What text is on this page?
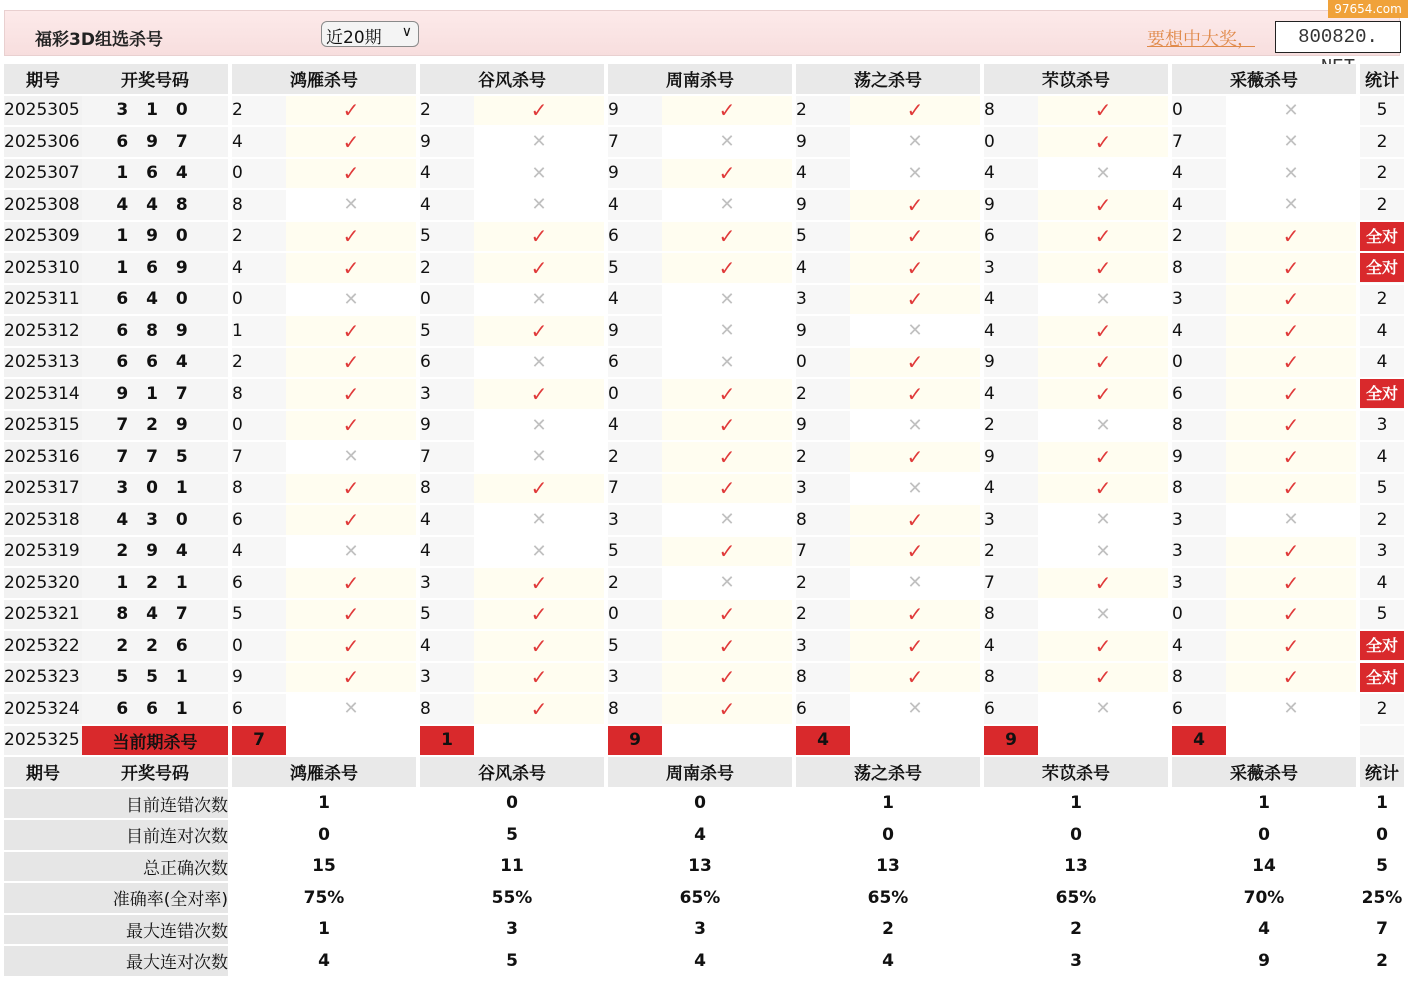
福彩3D组选杀号	近20期 ∨	要想中大奖，	800820.
97654.com
期号	开奖号码		鸿雁杀号			谷风杀号			周南杀号			荡之杀号			芣苡杀号			采薇杀号			统计
2025305	3 1 0		2	✓		2	✓		9	✓		2	✓		8	✓		0	✕		5
2025306	6 9 7		4	✓		9	✕		7	✕		9	✕		0	✓		7	✕		2
2025307	1 6 4		0	✓		4	✕		9	✓		4	✕		4	✕		4	✕		2
2025308	4 4 8		8	✕		4	✕		4	✕		9	✓		9	✓		4	✕		2
2025309	1 9 0		2	✓		5	✓		6	✓		5	✓		6	✓		2	✓		全对
2025310	1 6 9		4	✓		2	✓		5	✓		4	✓		3	✓		8	✓		全对
2025311	6 4 0		0	✕		0	✕		4	✕		3	✓		4	✕		3	✓		2
2025312	6 8 9		1	✓		5	✓		9	✕		9	✕		4	✓		4	✓		4
2025313	6 6 4		2	✓		6	✕		6	✕		0	✓		9	✓		0	✓		4
2025314	9 1 7		8	✓		3	✓		0	✓		2	✓		4	✓		6	✓		全对
2025315	7 2 9		0	✓		9	✕		4	✓		9	✕		2	✕		8	✓		3
2025316	7 7 5		7	✕		7	✕		2	✓		2	✓		9	✓		9	✓		4
2025317	3 0 1		8	✓		8	✓		7	✓		3	✕		4	✓		8	✓		5
2025318	4 3 0		6	✓		4	✕		3	✕		8	✓		3	✕		3	✕		2
2025319	2 9 4		4	✕		4	✕		5	✓		7	✓		2	✕		3	✓		3
2025320	1 2 1		6	✓		3	✓		2	✕		2	✕		7	✓		3	✓		4
2025321	8 4 7		5	✓		5	✓		0	✓		2	✓		8	✕		0	✓		5
2025322	2 2 6		0	✓		4	✓		5	✓		3	✓		4	✓		4	✓		全对
2025323	5 5 1		9	✓		3	✓		3	✓		8	✓		8	✓		8	✓		全对
2025324	6 6 1		6	✕		8	✓		8	✓		6	✕		6	✕		6	✕		2
2025325	当前期杀号		7			1			9			4			9			4			
期号	开奖号码		鸿雁杀号			谷风杀号			周南杀号			荡之杀号			芣苡杀号			采薇杀号			统计
目前连错次数			1			0			0			1			1			1			1
目前连对次数			0			5			4			0			0			0			0
总正确次数			15			11			13			13			13			14			5
准确率(全对率)			75%			55%			65%			65%			65%			70%			25%
最大连错次数			1			3			3			2			2			4			7
最大连对次数			4			5			4			4			3			9			2
